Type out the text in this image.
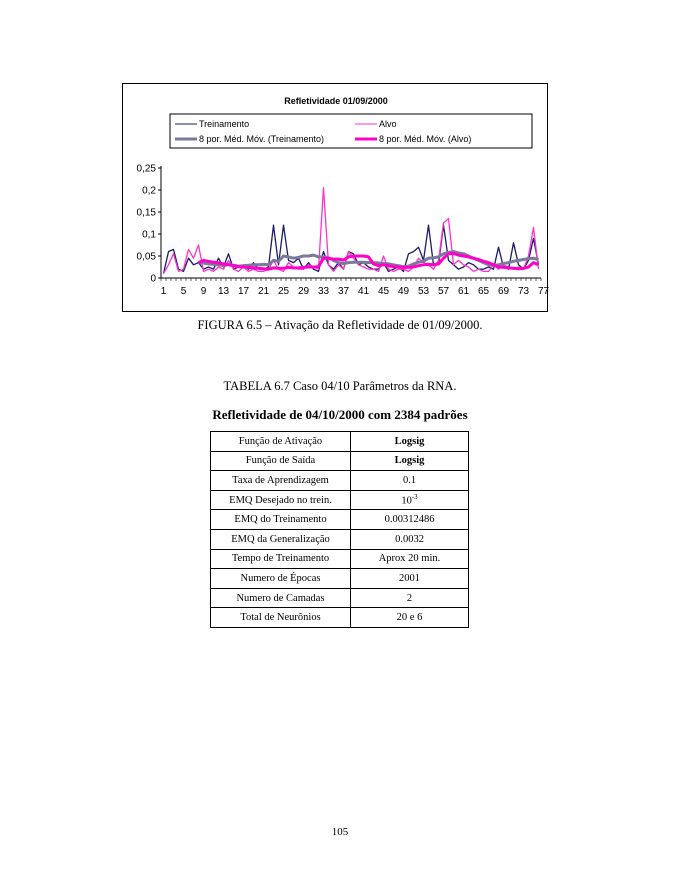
Refletividade 01/09/2000
Treinamento	Alvo
8 por. Méd. Móv. (Treinamento)	8 por. Méd. Móv. (Alvo)
0
0,05
0,1
0,15
0,2
0,25
1 5 9 13 17 21 25 29 33 37 41 45 49 53 57 61 65 69 73 77
FIGURA 6.5 – Ativação da Refletividade de 01/09/2000.
TABELA 6.7 Caso 04/10 Parâmetros da RNA.
Refletividade de 04/10/2000 com 2384 padrões
Função de Ativação	Logsig
Função de Saída	Logsig
Taxa de Aprendizagem	0.1
EMQ Desejado no trein.	$10^{-3}$
EMQ do Treinamento	0.00312486
EMQ da Generalização	0.0032
Tempo de Treinamento	Aprox 20 min.
Numero de Épocas	2001
Numero de Camadas	2
Total de Neurônios	20 e 6
105
